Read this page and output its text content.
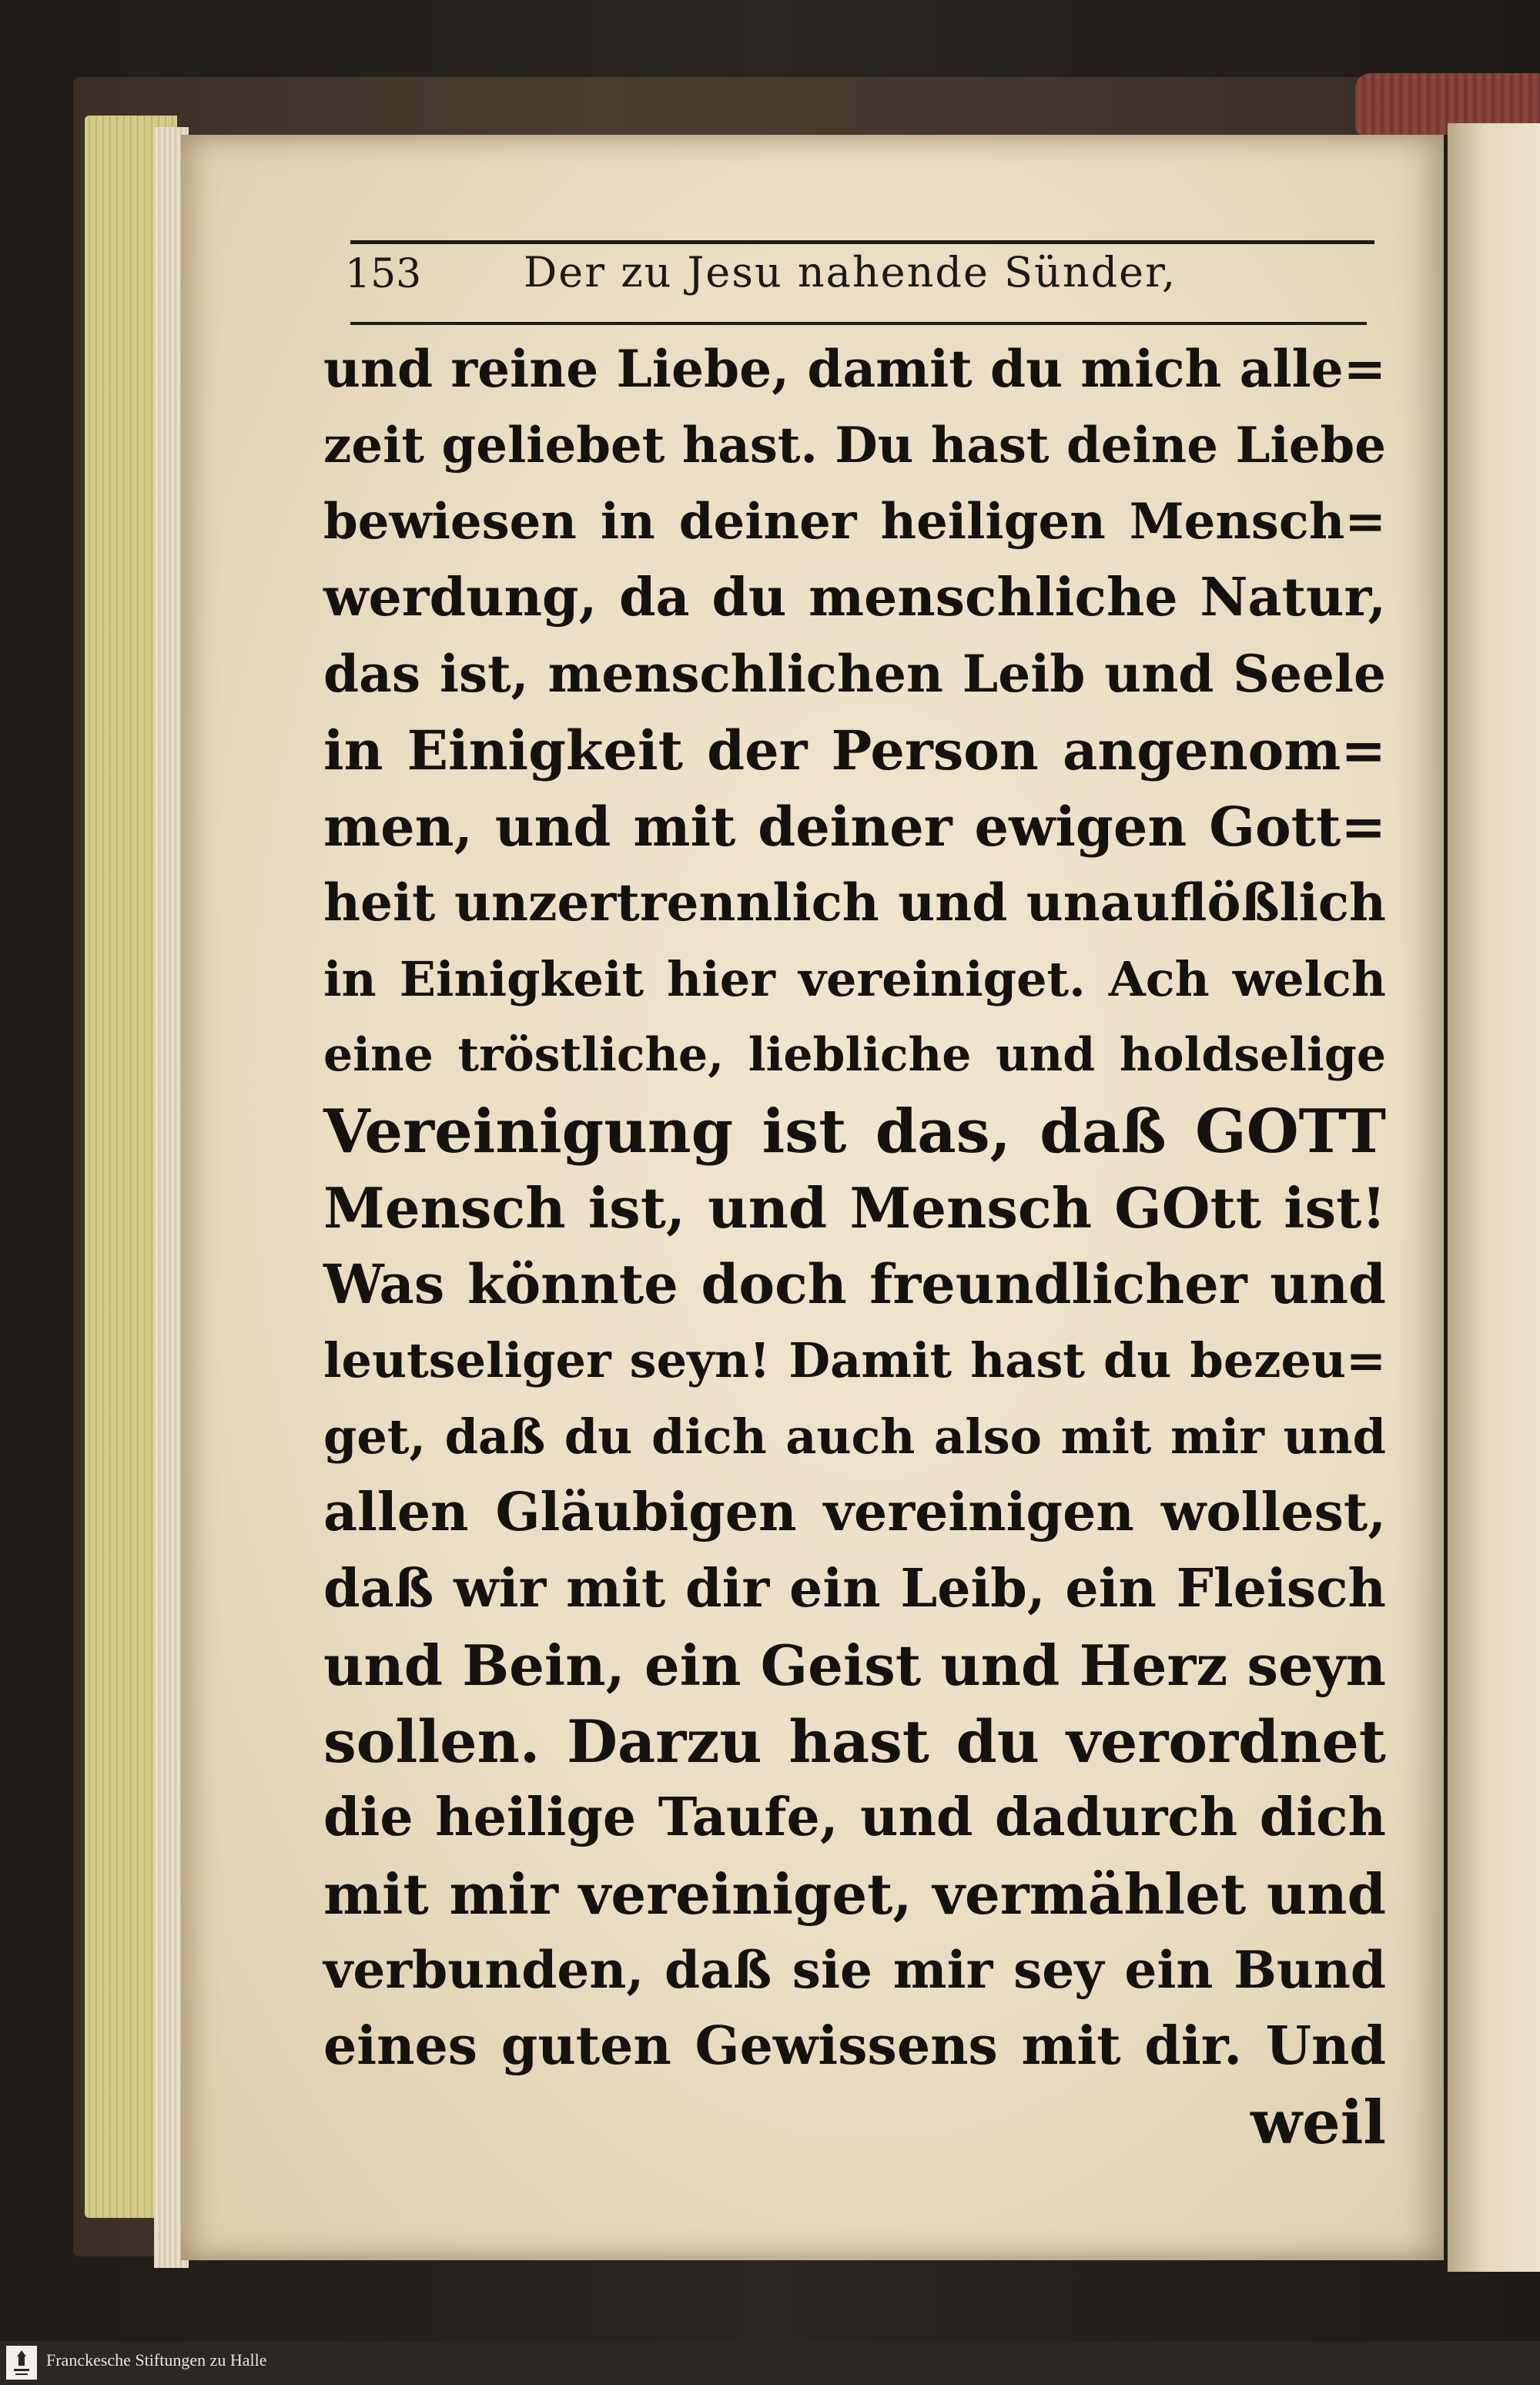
153 Der zu Jesu nahende Sünder,
und reine Liebe, damit du mich alle=
zeit geliebet hast. Du hast deine Liebe
bewiesen in deiner heiligen Mensch=
werdung, da du menschliche Natur,
das ist, menschlichen Leib und Seele
in Einigkeit der Person angenom=
men, und mit deiner ewigen Gott=
heit unzertrennlich und unauflößlich
in Einigkeit hier vereiniget. Ach welch
eine tröstliche, liebliche und holdselige
Vereinigung ist das, daß GOTT
Mensch ist, und Mensch GOtt ist!
Was könnte doch freundlicher und
leutseliger seyn! Damit hast du bezeu=
get, daß du dich auch also mit mir und
allen Gläubigen vereinigen wollest,
daß wir mit dir ein Leib, ein Fleisch
und Bein, ein Geist und Herz seyn
sollen. Darzu hast du verordnet
die heilige Taufe, und dadurch dich
mit mir vereiniget, vermählet und
verbunden, daß sie mir sey ein Bund
eines guten Gewissens mit dir. Und
weil
Franckesche Stiftungen zu Halle
